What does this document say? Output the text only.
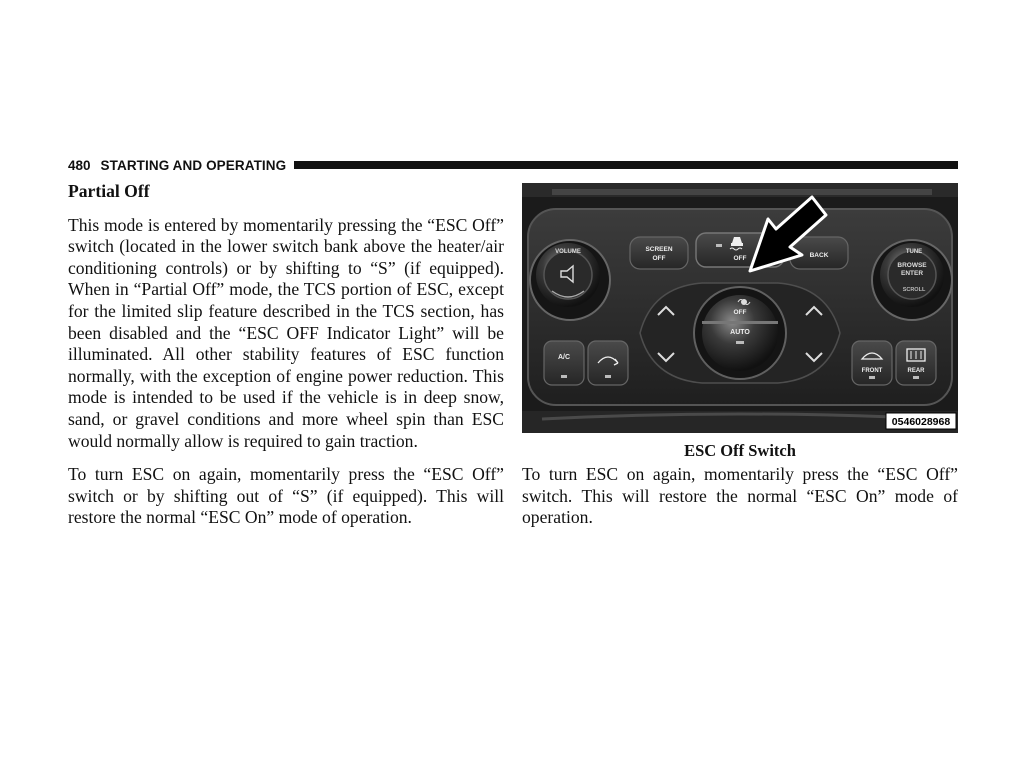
480 STARTING AND OPERATING

Partial Off

This mode is entered by momentarily pressing the “ESC Off” switch (located in the lower switch bank above the heater/air conditioning controls) or by shifting to “S” (if equipped). When in “Partial Off” mode, the TCS portion of ESC, except for the limited slip feature described in the TCS section, has been disabled and the “ESC OFF Indicator Light” will be illuminated. All other stability features of ESC function normally, with the exception of engine power reduction. This mode is intended to be used if the vehicle is in deep snow, sand, or gravel conditions and more wheel spin than ESC would normally allow is required to gain traction.

To turn ESC on again, momentarily press the “ESC Off” switch or by shifting out of “S” (if equipped). This will restore the normal “ESC On” mode of operation.

VOLUME	TUNE
BROWSE
ENTER
SCROLL
SCREEN
OFF	OFF	BACK
OFF
AUTO
A/C
FRONT	REAR
0546028968
ESC Off Switch

To turn ESC on again, momentarily press the “ESC Off” switch. This will restore the normal “ESC On” mode of operation.
